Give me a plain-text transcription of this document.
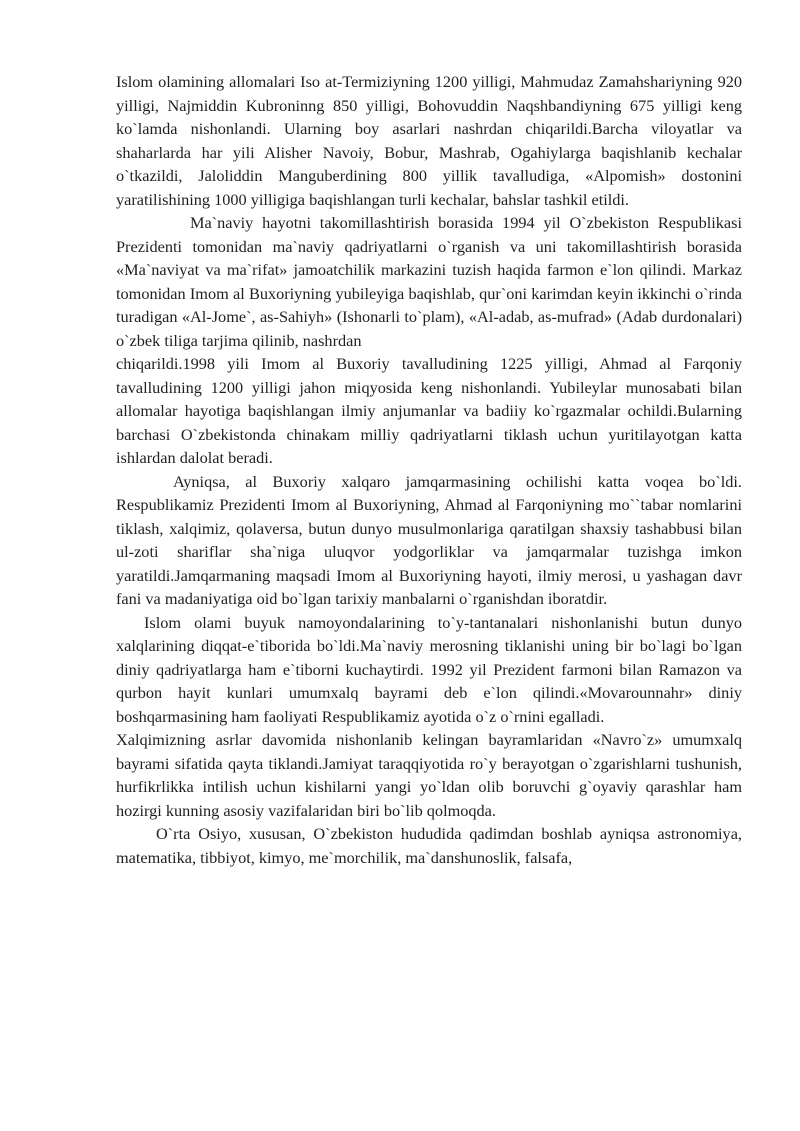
Islom olamining allomalari Iso at-Termiziyning 1200 yilligi, Mahmudaz Zamahshariyning 920 yilligi, Najmiddin Kubroninng 850 yilligi, Bohovuddin Naqshbandiyning 675 yilligi keng ko`lamda nishonlandi. Ularning boy asarlari nashrdan chiqarildi.Barcha viloyatlar va shaharlarda har yili Alisher Navoiy, Bobur, Mashrab, Ogahiylarga baqishlanib kechalar o`tkazildi, Jaloliddin Manguberdining 800 yillik tavalludiga, «Alpomish» dostonini yaratilishining 1000 yilligiga baqishlangan turli kechalar, bahslar tashkil etildi.

Ma`naviy hayotni takomillashtirish borasida 1994 yil O`zbekiston Respublikasi Prezidenti tomonidan ma`naviy qadriyatlarni o`rganish va uni takomillashtirish borasida «Ma`naviyat va ma`rifat» jamoatchilik markazini tuzish haqida farmon e`lon qilindi. Markaz tomonidan Imom al Buxoriyning yubileyiga baqishlab, qur`oni karimdan keyin ikkinchi o`rinda turadigan «Al-Jome`, as-Sahiyh» (Ishonarli to`plam), «Al-adab, as-mufrad» (Adab durdonalari) o`zbek tiliga tarjima qilinib, nashrdan

chiqarildi.1998 yili Imom al Buxoriy tavalludining 1225 yilligi, Ahmad al Farqoniy tavalludining 1200 yilligi jahon miqyosida keng nishonlandi. Yubileylar munosabati bilan allomalar hayotiga baqishlangan ilmiy anjumanlar va badiiy ko`rgazmalar ochildi.Bularning barchasi O`zbekistonda chinakam milliy qadriyatlarni tiklash uchun yuritilayotgan katta ishlardan dalolat beradi.

Ayniqsa, al Buxoriy xalqaro jamqarmasining ochilishi katta voqea bo`ldi. Respublikamiz Prezidenti Imom al Buxoriyning, Ahmad al Farqoniyning mo``tabar nomlarini tiklash, xalqimiz, qolaversa, butun dunyo musulmonlariga qaratilgan shaxsiy tashabbusi bilan ul-zoti shariflar sha`niga uluqvor yodgorliklar va jamqarmalar tuzishga imkon yaratildi.Jamqarmaning maqsadi Imom al Buxoriyning hayoti, ilmiy merosi, u yashagan davr fani va madaniyatiga oid bo`lgan tarixiy manbalarni o`rganishdan iboratdir.

Islom olami buyuk namoyondalarining to`y-tantanalari nishonlanishi butun dunyo xalqlarining diqqat-e`tiborida bo`ldi.Ma`naviy merosning tiklanishi uning bir bo`lagi bo`lgan diniy qadriyatlarga ham e`tiborni kuchaytirdi. 1992 yil Prezident farmoni bilan Ramazon va qurbon hayit kunlari umumxalq bayrami deb e`lon qilindi.«Movarounnahr» diniy boshqarmasining ham faoliyati Respublikamiz ayotida o`z o`rnini egalladi.

Xalqimizning asrlar davomida nishonlanib kelingan bayramlaridan «Navro`z» umumxalq bayrami sifatida qayta tiklandi.Jamiyat taraqqiyotida ro`y berayotgan o`zgarishlarni tushunish, hurfikrlikka intilish uchun kishilarni yangi yo`ldan olib boruvchi g`oyaviy qarashlar ham hozirgi kunning asosiy vazifalaridan biri bo`lib qolmoqda.

O`rta Osiyo, xususan, O`zbekiston hududida qadimdan boshlab ayniqsa astronomiya, matematika, tibbiyot, kimyo, me`morchilik, ma`danshunoslik, falsafa,
